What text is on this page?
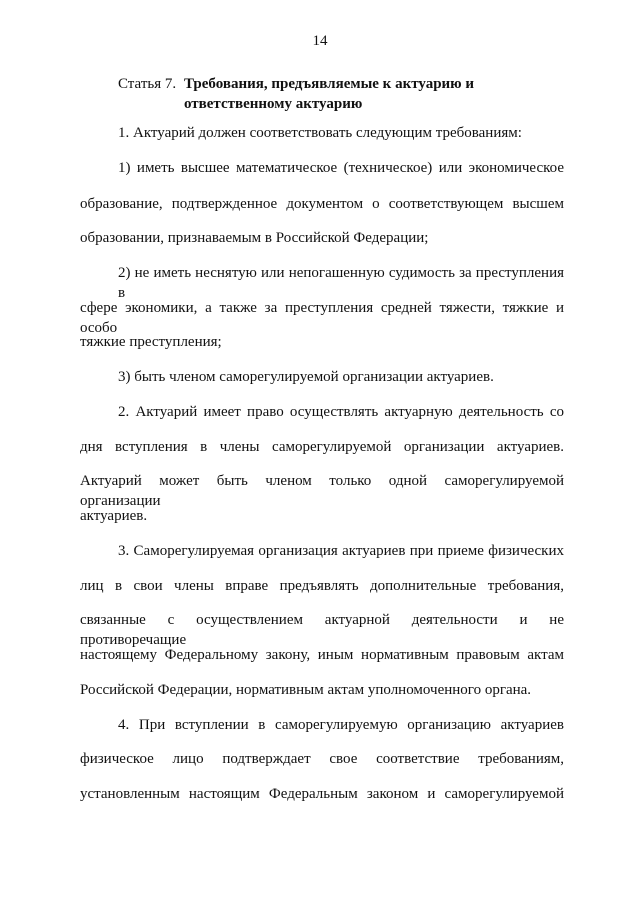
14
Статья 7. Требования, предъявляемые к актуарию и
ответственному актуарию
1. Актуарий должен соответствовать следующим требованиям:
1) иметь высшее математическое (техническое) или экономическое
образование, подтвержденное документом о соответствующем высшем
образовании, признаваемым в Российской Федерации;
2) не иметь неснятую или непогашенную судимость за преступления в
сфере экономики, а также за преступления средней тяжести, тяжкие и особо
тяжкие преступления;
3) быть членом саморегулируемой организации актуариев.
2. Актуарий имеет право осуществлять актуарную деятельность со
дня вступления в члены саморегулируемой организации актуариев.
Актуарий может быть членом только одной саморегулируемой организации
актуариев.
3. Саморегулируемая организация актуариев при приеме физических
лиц в свои члены вправе предъявлять дополнительные требования,
связанные с осуществлением актуарной деятельности и не противоречащие
настоящему Федеральному закону, иным нормативным правовым актам
Российской Федерации, нормативным актам уполномоченного органа.
4. При вступлении в саморегулируемую организацию актуариев
физическое лицо подтверждает свое соответствие требованиям,
установленным настоящим Федеральным законом и саморегулируемой
